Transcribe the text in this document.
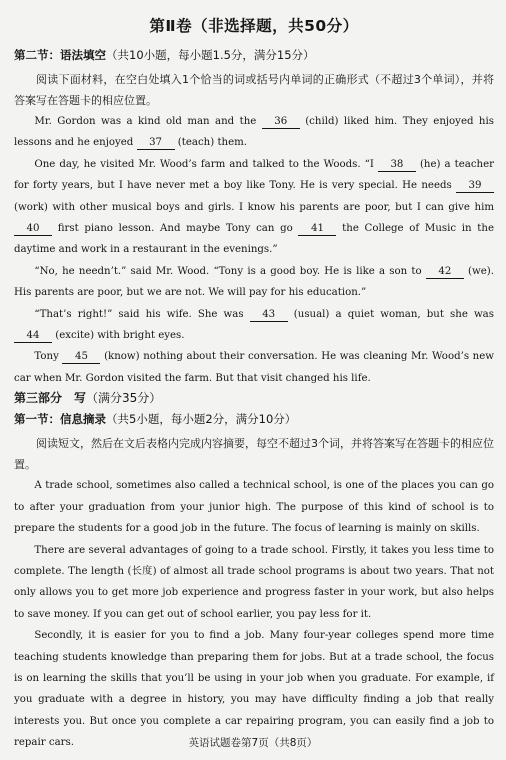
第Ⅱ卷（非选择题，共50分）
第二节：语法填空（共10小题，每小题1.5分，满分15分）

阅读下面材料，在空白处填入1个恰当的词或括号内单词的正确形式（不超过3个单词），并将答案写在答题卡的相应位置。

Mr. Gordon was a kind old man and the 36 (child) liked him. They enjoyed his lessons and he enjoyed 37 (teach) them.

One day, he visited Mr. Wood’s farm and talked to the Woods. “I 38 (he) a teacher for forty years, but I have never met a boy like Tony. He is very special. He needs 39 (work) with other musical boys and girls. I know his parents are poor, but I can give him 40 first piano lesson. And maybe Tony can go 41 the College of Music in the daytime and work in a restaurant in the evenings.”

“No, he needn’t.” said Mr. Wood. “Tony is a good boy. He is like a son to 42 (we). His parents are poor, but we are not. We will pay for his education.”

“That’s right!” said his wife. She was 43 (usual) a quiet woman, but she was 44 (excite) with bright eyes.

Tony 45 (know) nothing about their conversation. He was cleaning Mr. Wood’s new car when Mr. Gordon visited the farm. But that visit changed his life.

第三部分　写（满分35分）
第一节：信息摘录（共5小题，每小题2分，满分10分）

阅读短文，然后在文后表格内完成内容摘要，每空不超过3个词，并将答案写在答题卡的相应位置。

A trade school, sometimes also called a technical school, is one of the places you can go to after your graduation from your junior high. The purpose of this kind of school is to prepare the students for a good job in the future. The focus of learning is mainly on skills.

There are several advantages of going to a trade school. Firstly, it takes you less time to complete. The length (长度) of almost all trade school programs is about two years. That not only allows you to get more job experience and progress faster in your work, but also helps to save money. If you can get out of school earlier, you pay less for it.

Secondly, it is easier for you to find a job. Many four-year colleges spend more time teaching students knowledge than preparing them for jobs. But at a trade school, the focus is on learning the skills that you’ll be using in your job when you graduate. For example, if you graduate with a degree in history, you may have difficulty finding a job that really interests you. But once you complete a car repairing program, you can easily find a job to repair cars.	英语试题卷第7页（共8页）
